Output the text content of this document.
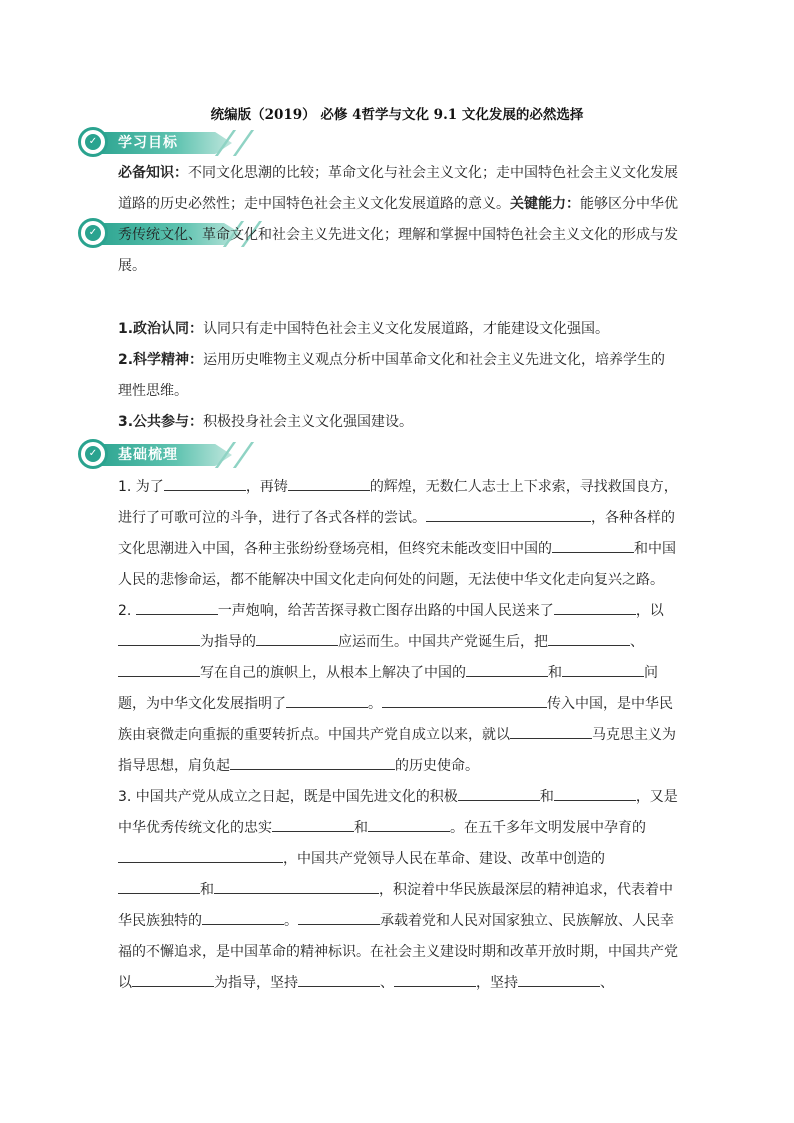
统编版（2019） 必修 4哲学与文化 9.1 文化发展的必然选择
✓ 学习目标
✓

必备知识：不同文化思潮的比较；革命文化与社会主义文化；走中国特色社会主义文化发展道路的历史必然性；走中国特色社会主义文化发展道路的意义。关键能力：能够区分中华优秀传统文化、革命文化和社会主义先进文化；理解和掌握中国特色社会主义文化的形成与发展。

1.政治认同：认同只有走中国特色社会主义文化发展道路，才能建设文化强国。

2.科学精神：运用历史唯物主义观点分析中国革命文化和社会主义先进文化，培养学生的理性思维。

3.公共参与：积极投身社会主义文化强国建设。

✓ 基础梳理

1. 为了	，再铸	的辉煌，无数仁人志士上下求索，寻找救国良方，进行了可歌可泣的斗争，进行了各式各样的尝试。	，各种各样的文化思潮进入中国，各种主张纷纷登场亮相，但终究未能改变旧中国的	和中国人民的悲惨命运，都不能解决中国文化走向何处的问题，无法使中华文化走向复兴之路。

2.	一声炮响，给苦苦探寻救亡图存出路的中国人民送来了	，以为指导的	应运而生。中国共产党诞生后，把	、写在自己的旗帜上，从根本上解决了中国的	和	问题，为中华文化发展指明了	。	传入中国，是中华民族由衰微走向重振的重要转折点。中国共产党自成立以来，就以	马克思主义为指导思想，肩负起	的历史使命。

3. 中国共产党从成立之日起，既是中国先进文化的积极	和	，又是中华优秀传统文化的忠实	和	。在五千多年文明发展中孕育的，中国共产党领导人民在革命、建设、改革中创造的和	，积淀着中华民族最深层的精神追求，代表着中华民族独特的	。	承载着党和人民对国家独立、民族解放、人民幸福的不懈追求，是中国革命的精神标识。在社会主义建设时期和改革开放时期，中国共产党以	为指导，坚持	、	，坚持	、
